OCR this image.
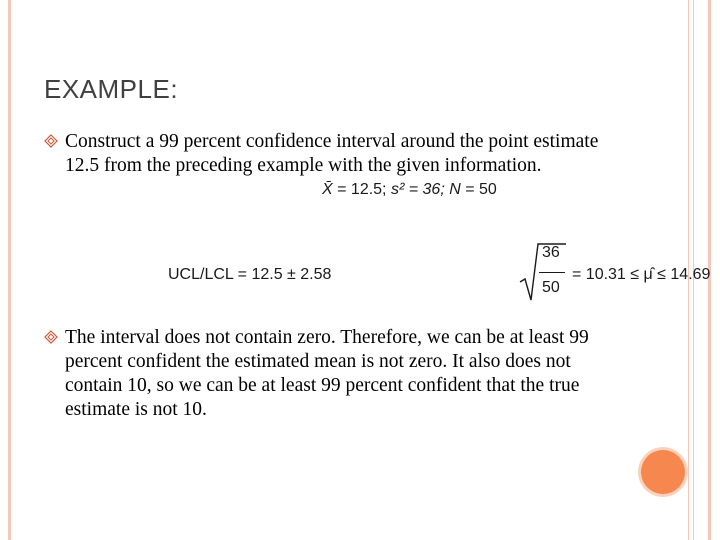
EXAMPLE:
Construct a 99 percent confidence interval around the point estimate 12.5 from the preceding example with the given information.
X̄ = 12.5; s² = 36; N = 50
UCL/LCL = 12.5 ± 2.58
36
50
= 10.31 ≤ μ̂ ≤ 14.69
The interval does not contain zero. Therefore, we can be at least 99 percent confident the estimated mean is not zero. It also does not contain 10, so we can be at least 99 percent confident that the true estimate is not 10.
